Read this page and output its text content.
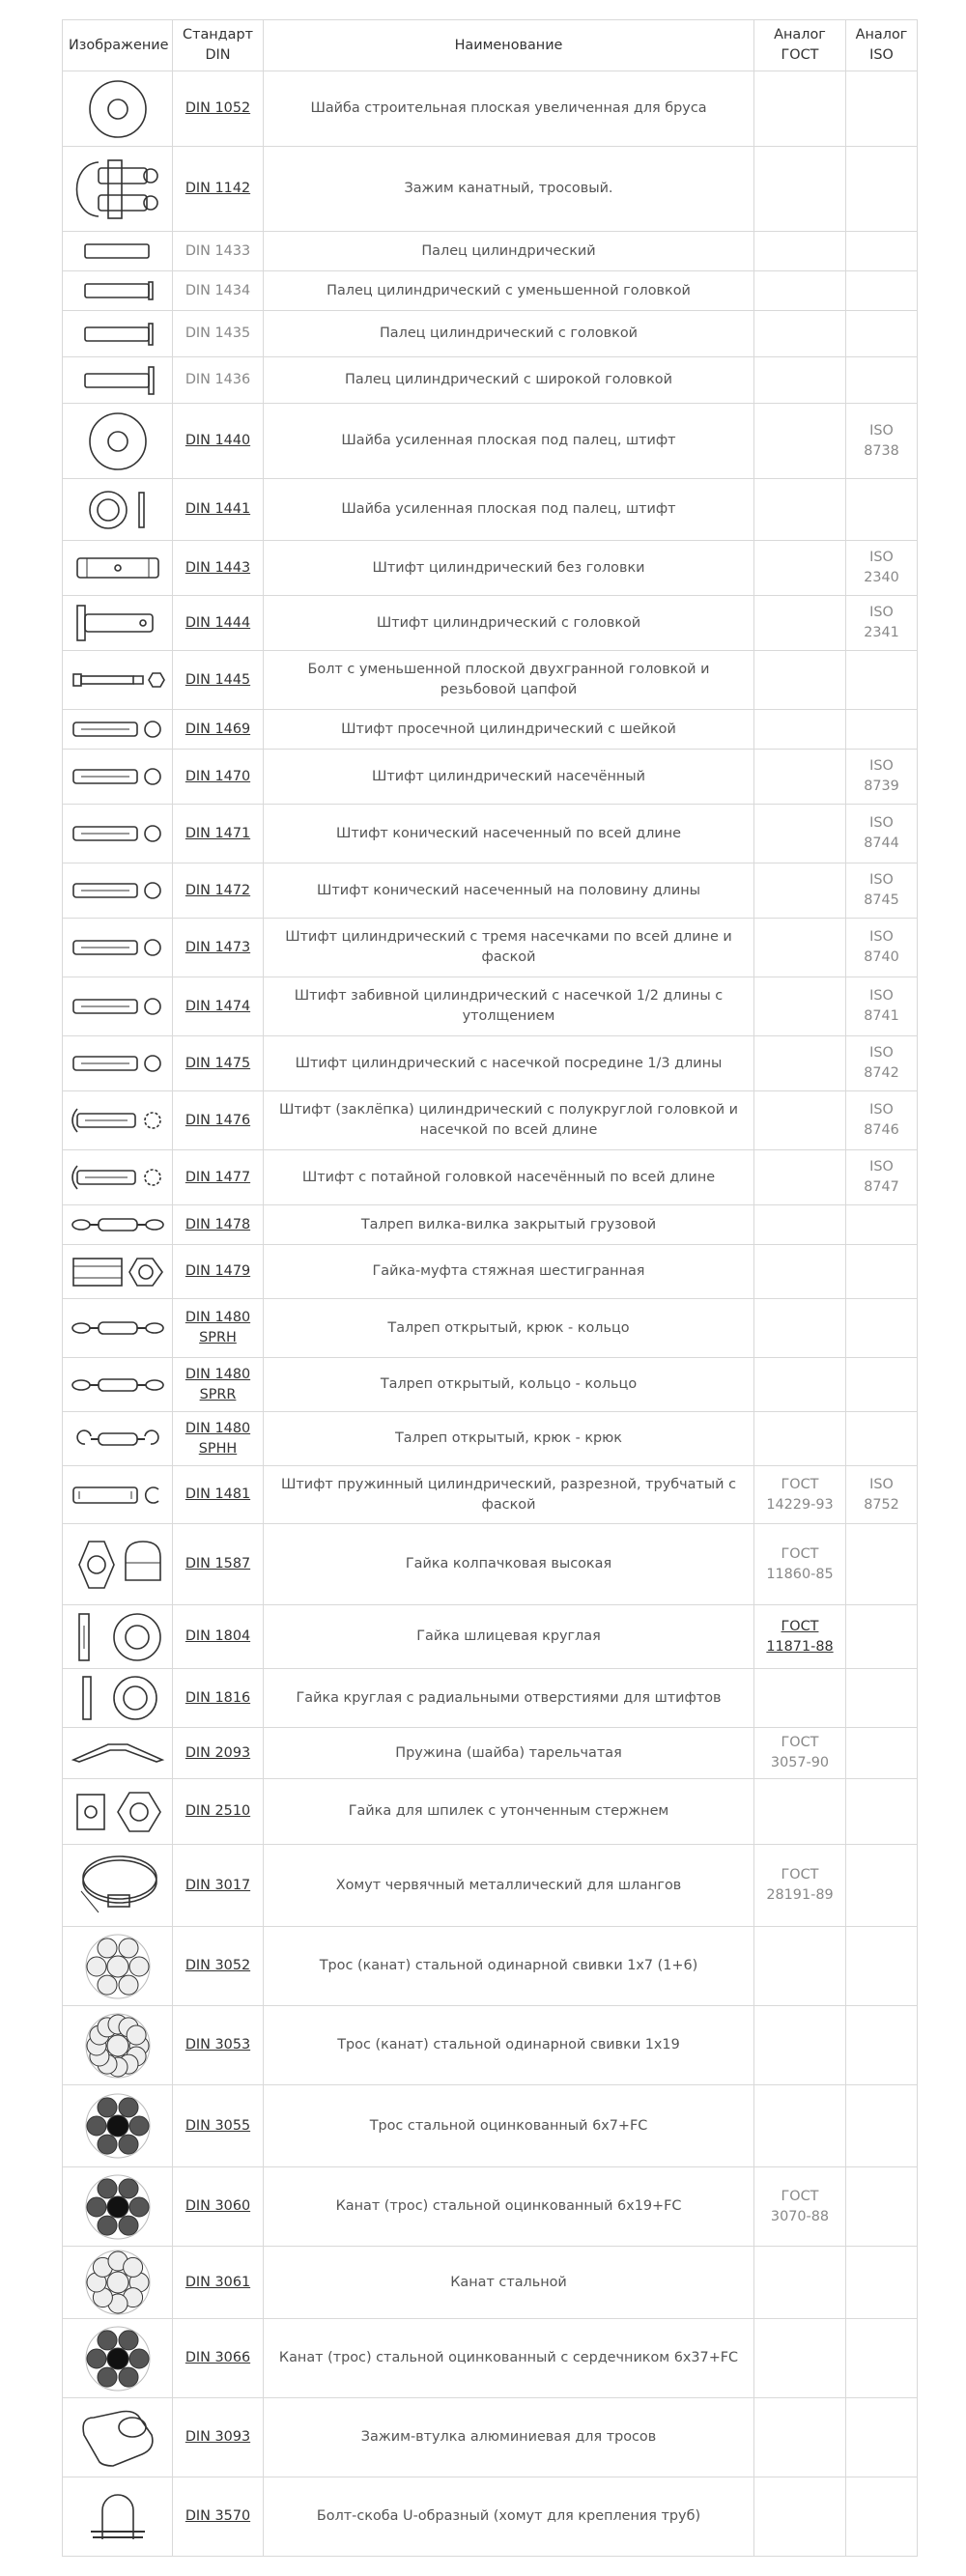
Изображение	Стандарт DIN	Наименование	Аналог ГОСТ	Аналог ISO

	DIN 1052	Шайба строительная плоская увеличенная для бруса		

	DIN 1142	Зажим канатный, тросовый.		

	DIN 1433	Палец цилиндрический		

	DIN 1434	Палец цилиндрический с уменьшенной головкой		

	DIN 1435	Палец цилиндрический с головкой		

	DIN 1436	Палец цилиндрический с широкой головкой		

	DIN 1440	Шайба усиленная плоская под палец, штифт		ISO 8738

	DIN 1441	Шайба усиленная плоская под палец, штифт		

	DIN 1443	Штифт цилиндрический без головки		ISO 2340

	DIN 1444	Штифт цилиндрический с головкой		ISO 2341

	DIN 1445	Болт с уменьшенной плоской двухгранной головкой и резьбовой цапфой		

	DIN 1469	Штифт просечной цилиндрический с шейкой		

	DIN 1470	Штифт цилиндрический насечённый		ISO 8739

	DIN 1471	Штифт конический насеченный по всей длине		ISO 8744

	DIN 1472	Штифт конический насеченный на половину длины		ISO 8745

	DIN 1473	Штифт цилиндрический с тремя насечками по всей длине и фаской		ISO 8740

	DIN 1474	Штифт забивной цилиндрический с насечкой 1/2 длины с утолщением		ISO 8741

	DIN 1475	Штифт цилиндрический с насечкой посредине 1/3 длины		ISO 8742

	DIN 1476	Штифт (заклёпка) цилиндрический с полукруглой головкой и насечкой по всей длине		ISO 8746

	DIN 1477	Штифт с потайной головкой насечённый по всей длине		ISO 8747

	DIN 1478	Талреп вилка-вилка закрытый грузовой		

	DIN 1479	Гайка-муфта стяжная шестигранная		

	DIN 1480 SPRH	Талреп открытый, крюк - кольцо		

	DIN 1480 SPRR	Талреп открытый, кольцо - кольцо		

	DIN 1480 SPHH	Талреп открытый, крюк - крюк		

	DIN 1481	Штифт пружинный цилиндрический, разрезной, трубчатый с фаской	ГОСТ 14229-93	ISO 8752

	DIN 1587	Гайка колпачковая высокая	ГОСТ 11860-85	

	DIN 1804	Гайка шлицевая круглая	ГОСТ 11871-88	

	DIN 1816	Гайка круглая с радиальными отверстиями для штифтов		

	DIN 2093	Пружина (шайба) тарельчатая	ГОСТ 3057-90	

	DIN 2510	Гайка для шпилек с утонченным стержнем		

	DIN 3017	Хомут червячный металлический для шлангов	ГОСТ 28191-89	

	DIN 3052	Трос (канат) стальной одинарной свивки 1x7 (1+6)		

	DIN 3053	Трос (канат) стальной одинарной свивки 1x19		

	DIN 3055	Трос стальной оцинкованный 6x7+FC		

	DIN 3060	Канат (трос) стальной оцинкованный 6x19+FC	ГОСТ 3070-88	

	DIN 3061	Канат стальной		

	DIN 3066	Канат (трос) стальной оцинкованный с сердечником 6x37+FC		

	DIN 3093	Зажим-втулка алюминиевая для тросов		

	DIN 3570	Болт-скоба U-образный (хомут для крепления труб)		
